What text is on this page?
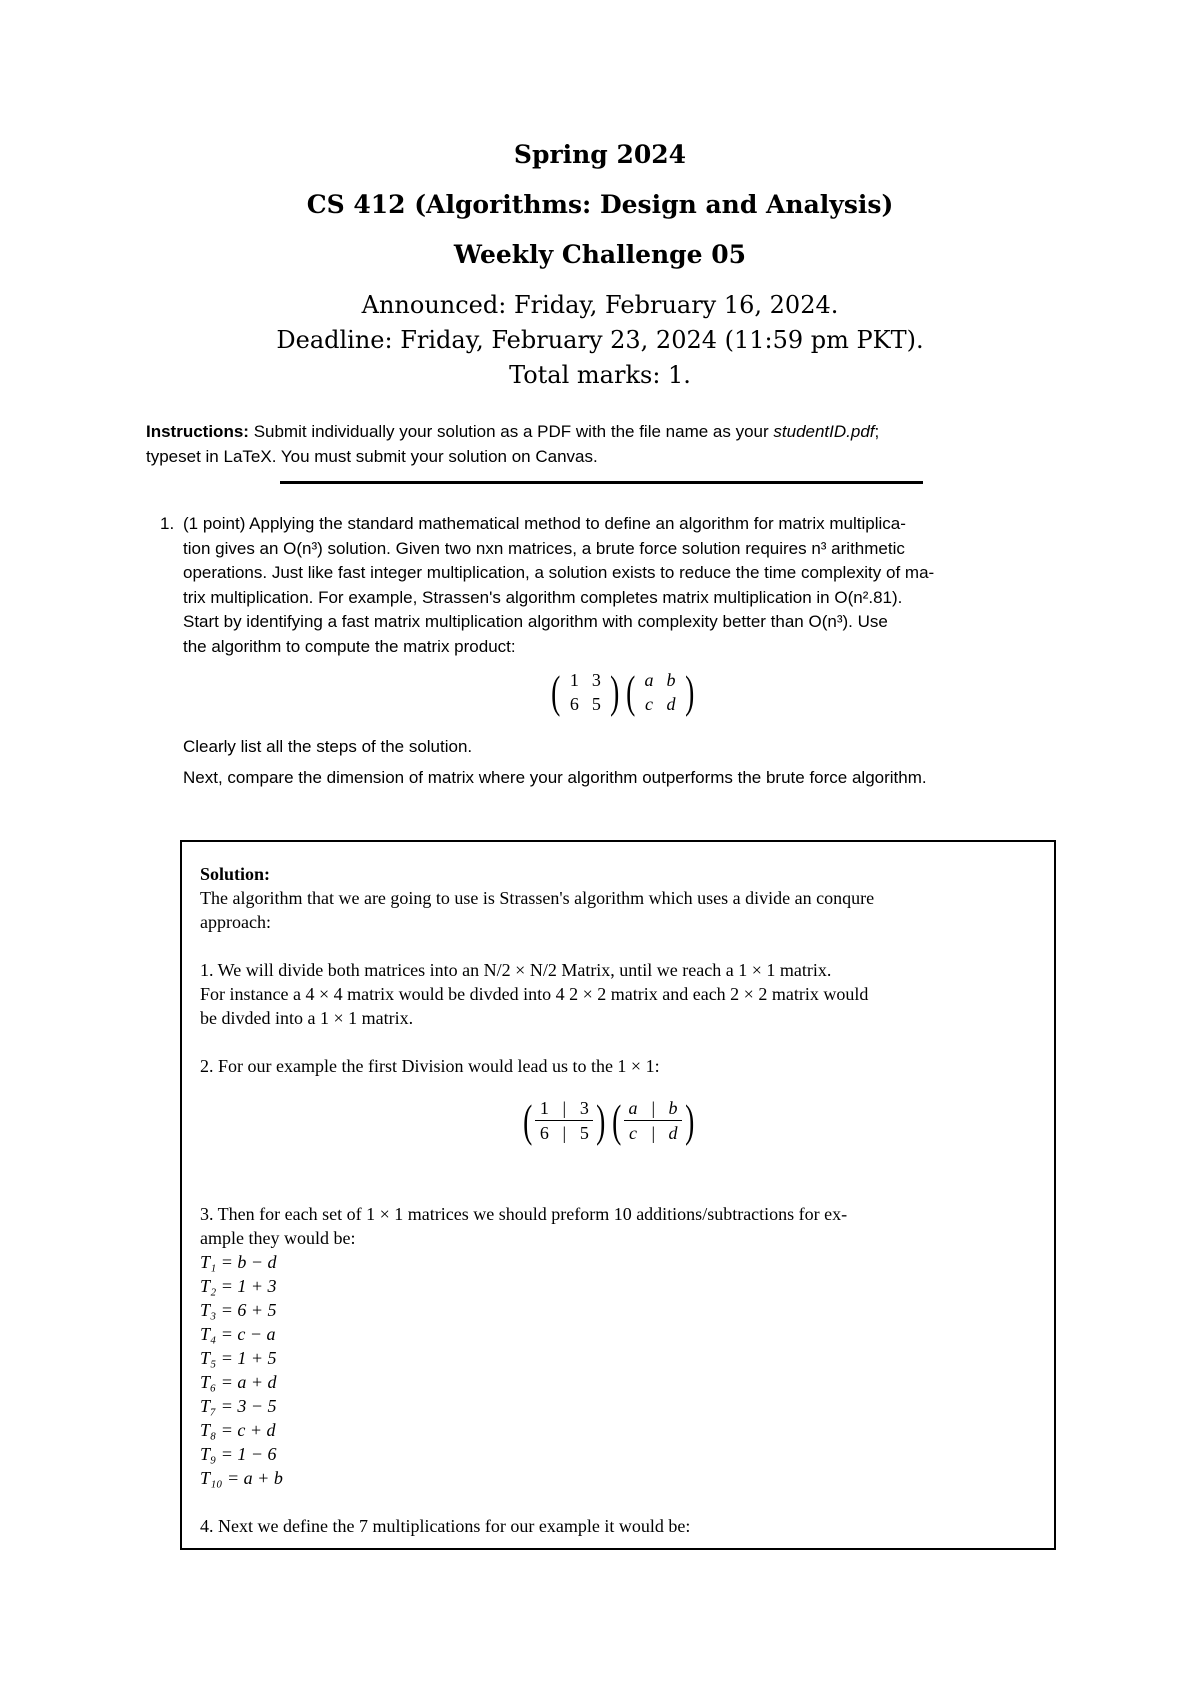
Spring 2024
CS 412 (Algorithms: Design and Analysis)
Weekly Challenge 05
Announced: Friday, February 16, 2024.
Deadline: Friday, February 23, 2024 (11:59 pm PKT).
Total marks: 1.
Instructions: Submit individually your solution as a PDF with the file name as your studentID.pdf;
typeset in LaTeX. You must submit your solution on Canvas.
1. (1 point) Applying the standard mathematical method to define an algorithm for matrix multiplica-
tion gives an O(n³) solution. Given two nxn matrices, a brute force solution requires n³ arithmetic
operations. Just like fast integer multiplication, a solution exists to reduce the time complexity of ma-
trix multiplication. For example, Strassen's algorithm completes matrix multiplication in O(n².81).
Start by identifying a fast matrix multiplication algorithm with complexity better than O(n³). Use
the algorithm to compute the matrix product:
( 1 3
6 5 ) ( a b
c d )
Clearly list all the steps of the solution.
Next, compare the dimension of matrix where your algorithm outperforms the brute force algorithm.
Solution:
The algorithm that we are going to use is Strassen's algorithm which uses a divide an conqure
approach:
1. We will divide both matrices into an N/2 × N/2 Matrix, until we reach a 1 × 1 matrix.
For instance a 4 × 4 matrix would be divded into 4 2 × 2 matrix and each 2 × 2 matrix would
be divded into a 1 × 1 matrix.
2. For our example the first Division would lead us to the 1 × 1:
( 1 | 3
6 | 5 ) ( a | b
c | d )
3. Then for each set of 1 × 1 matrices we should preform 10 additions/subtractions for ex-
ample they would be:
T₁ = b − d
T₂ = 1 + 3
T₃ = 6 + 5
T₄ = c − a
T₅ = 1 + 5
T₆ = a + d
T₇ = 3 − 5
T₈ = c + d
T₉ = 1 − 6
T₁₀ = a + b
4. Next we define the 7 multiplications for our example it would be:
